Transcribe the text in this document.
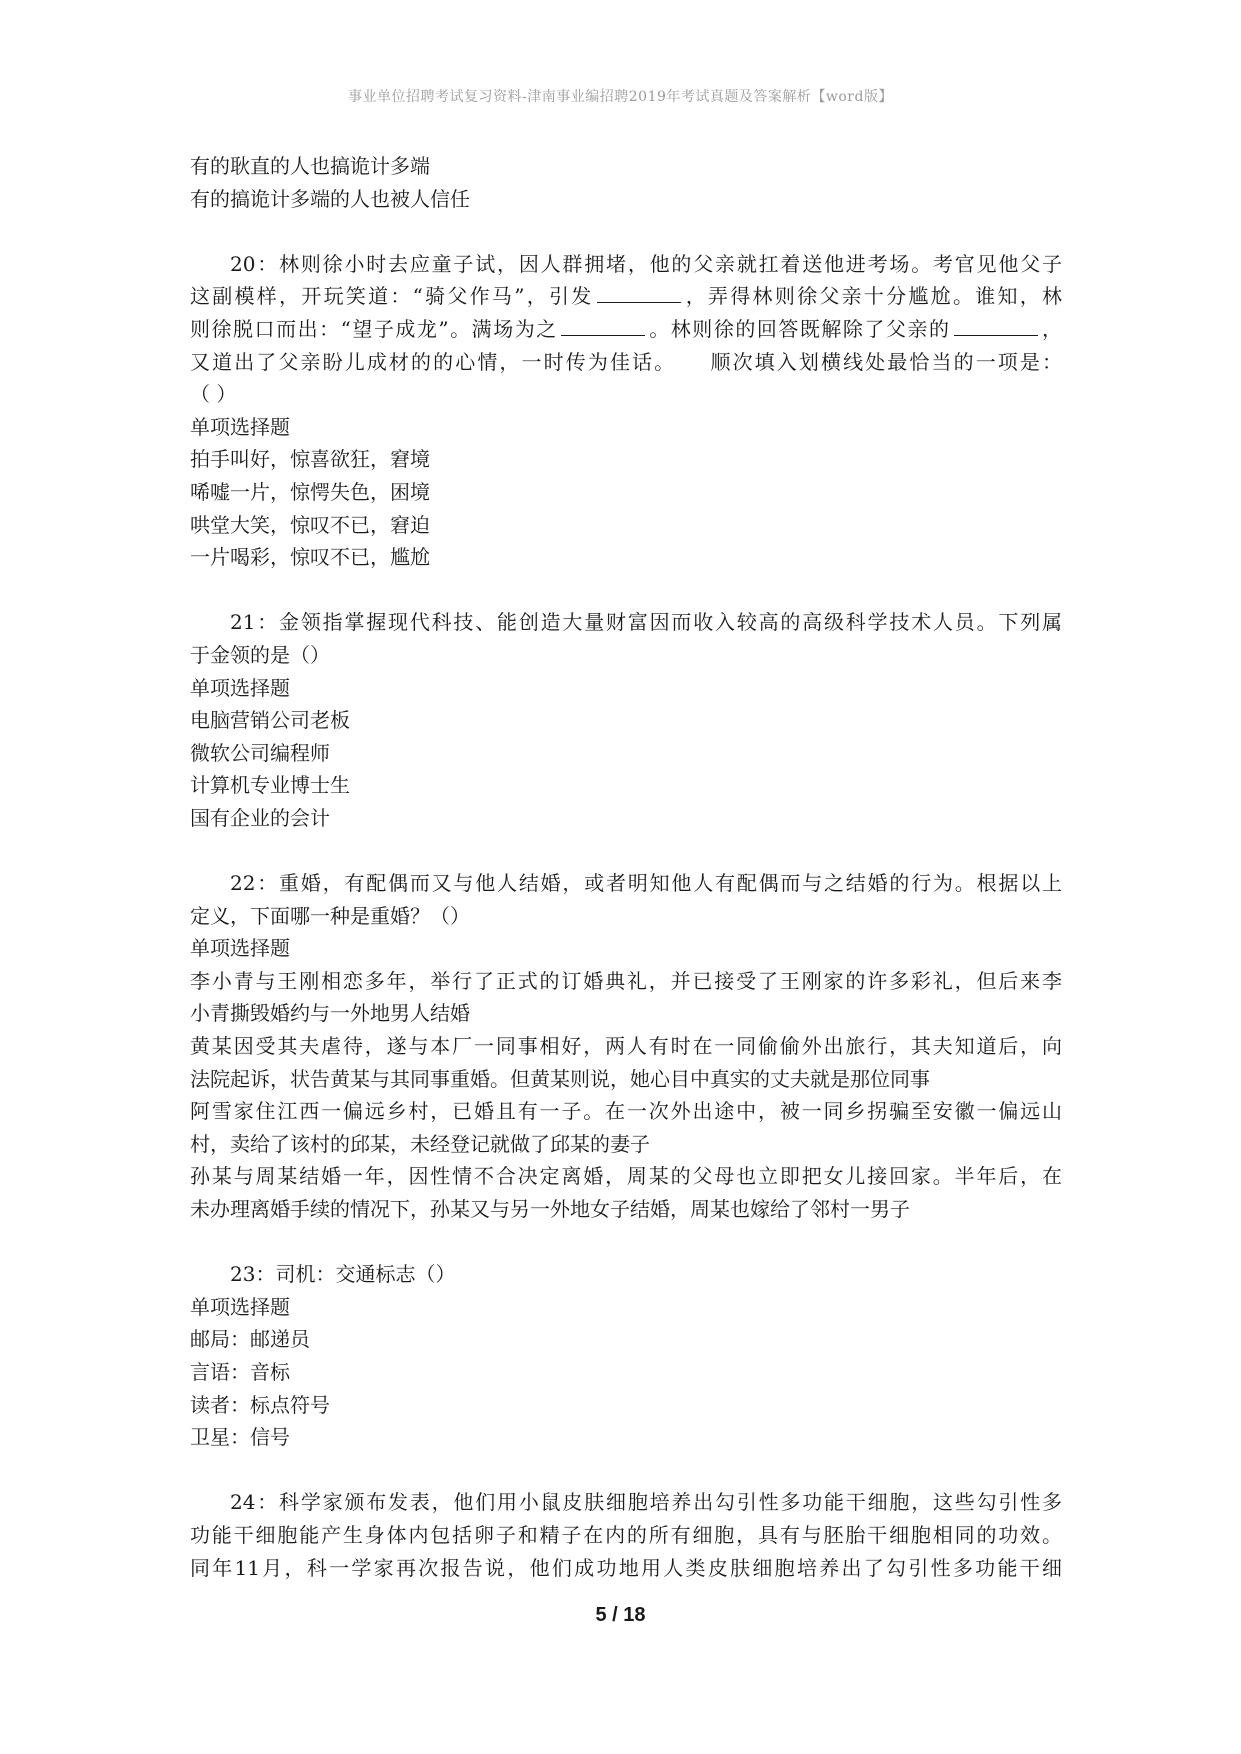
事业单位招聘考试复习资料-津南事业编招聘2019年考试真题及答案解析【word版】
有的耿直的人也搞诡计多端
有的搞诡计多端的人也被人信任
20：林则徐小时去应童子试，因人群拥堵，他的父亲就扛着送他进考场。考官见他父子
这副模样，开玩笑道：“骑父作马”，引发	，弄得林则徐父亲十分尴尬。谁知，林
则徐脱口而出：“望子成龙”。满场为之	。林则徐的回答既解除了父亲的	，
又道出了父亲盼儿成材的的心情，一时传为佳话。　　顺次填入划横线处最恰当的一项是：
（ ）
单项选择题
拍手叫好，惊喜欲狂，窘境
唏嘘一片，惊愕失色，困境
哄堂大笑，惊叹不已，窘迫
一片喝彩，惊叹不已，尴尬
21：金领指掌握现代科技、能创造大量财富因而收入较高的高级科学技术人员。下列属
于金领的是（）
单项选择题
电脑营销公司老板
微软公司编程师
计算机专业博士生
国有企业的会计
22：重婚，有配偶而又与他人结婚，或者明知他人有配偶而与之结婚的行为。根据以上
定义，下面哪一种是重婚？（）
单项选择题
李小青与王刚相恋多年，举行了正式的订婚典礼，并已接受了王刚家的许多彩礼，但后来李
小青撕毁婚约与一外地男人结婚
黄某因受其夫虐待，遂与本厂一同事相好，两人有时在一同偷偷外出旅行，其夫知道后，向
法院起诉，状告黄某与其同事重婚。但黄某则说，她心目中真实的丈夫就是那位同事
阿雪家住江西一偏远乡村，已婚且有一子。在一次外出途中，被一同乡拐骗至安徽一偏远山
村，卖给了该村的邱某，未经登记就做了邱某的妻子
孙某与周某结婚一年，因性情不合决定离婚，周某的父母也立即把女儿接回家。半年后，在
未办理离婚手续的情况下，孙某又与另一外地女子结婚，周某也嫁给了邻村一男子
23：司机：交通标志（）
单项选择题
邮局：邮递员
言语：音标
读者：标点符号
卫星：信号
24：科学家颁布发表，他们用小鼠皮肤细胞培养出勾引性多功能干细胞，这些勾引性多
功能干细胞能产生身体内包括卵子和精子在内的所有细胞，具有与胚胎干细胞相同的功效。
同年11月，科一学家再次报告说，他们成功地用人类皮肤细胞培养出了勾引性多功能干细
5 / 18
